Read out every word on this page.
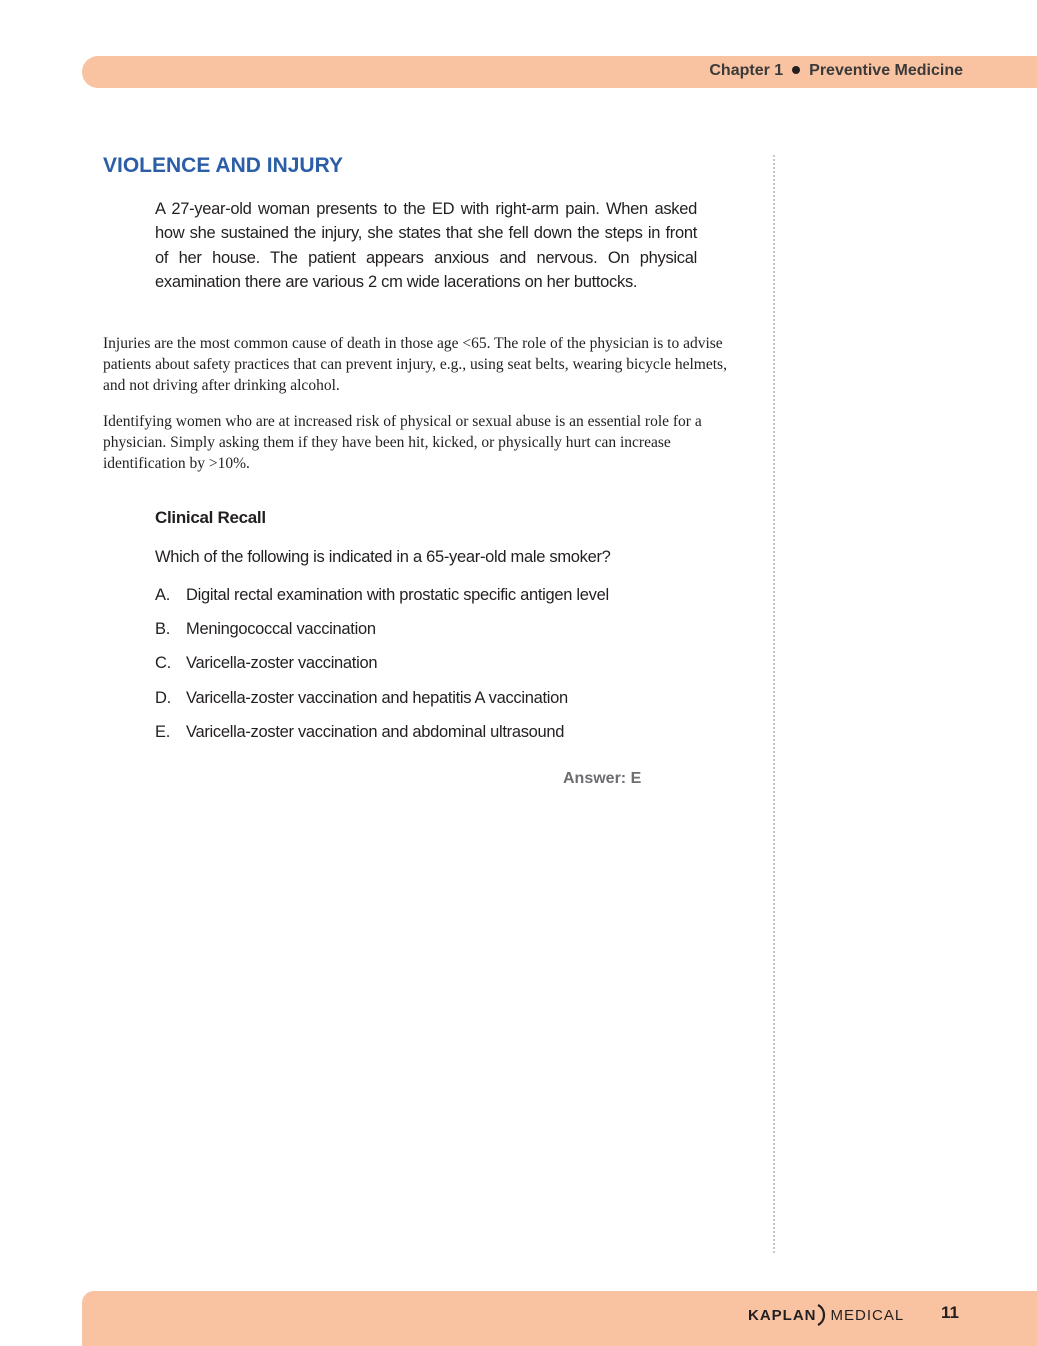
Chapter 1 Preventive Medicine
VIOLENCE AND INJURY
A 27-year-old woman presents to the ED with right-arm pain. When asked how she sustained the injury, she states that she fell down the steps in front of her house. The patient appears anxious and nervous. On physical examination there are various 2 cm wide lacerations on her buttocks.
Injuries are the most common cause of death in those age <65. The role of the physician is to advise patients about safety practices that can prevent injury, e.g., using seat belts, wearing bicycle helmets, and not driving after drinking alcohol.
Identifying women who are at increased risk of physical or sexual abuse is an essential role for a physician. Simply asking them if they have been hit, kicked, or physically hurt can increase identification by >10%.
Clinical Recall
Which of the following is indicated in a 65-year-old male smoker?
A. Digital rectal examination with prostatic specific antigen level
B. Meningococcal vaccination
C. Varicella-zoster vaccination
D. Varicella-zoster vaccination and hepatitis A vaccination
E. Varicella-zoster vaccination and abdominal ultrasound
Answer: E
KAPLAN MEDICAL 11
